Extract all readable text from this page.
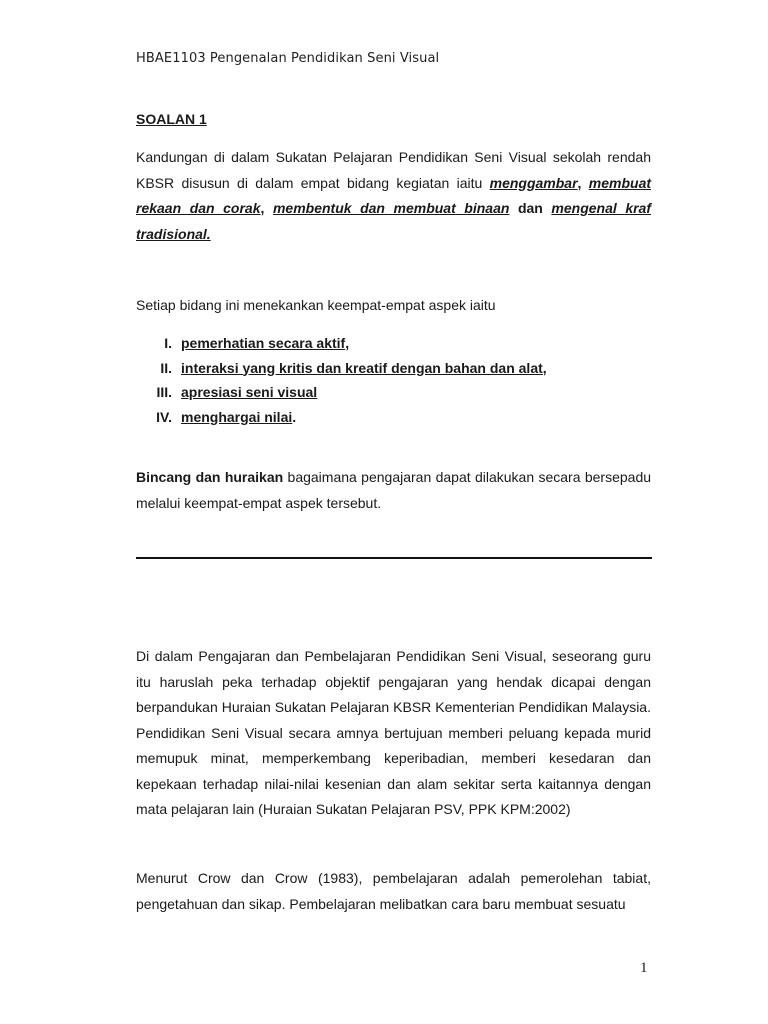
HBAE1103 Pengenalan Pendidikan Seni Visual
SOALAN 1
Kandungan di dalam Sukatan Pelajaran Pendidikan Seni Visual sekolah rendah KBSR disusun di dalam empat bidang kegiatan iaitu menggambar, membuat rekaan dan corak, membentuk dan membuat binaan dan mengenal kraf tradisional.
Setiap bidang ini menekankan keempat-empat aspek iaitu
I. pemerhatian secara aktif,
II. interaksi yang kritis dan kreatif dengan bahan dan alat,
III. apresiasi seni visual
IV. menghargai nilai.
Bincang dan huraikan bagaimana pengajaran dapat dilakukan secara bersepadu melalui keempat-empat aspek tersebut.
Di dalam Pengajaran dan Pembelajaran Pendidikan Seni Visual, seseorang guru itu haruslah peka terhadap objektif pengajaran yang hendak dicapai dengan berpandukan Huraian Sukatan Pelajaran KBSR Kementerian Pendidikan Malaysia. Pendidikan Seni Visual secara amnya bertujuan memberi peluang kepada murid memupuk minat, memperkembang keperibadian, memberi kesedaran dan kepekaan terhadap nilai-nilai kesenian dan alam sekitar serta kaitannya dengan mata pelajaran lain (Huraian Sukatan Pelajaran PSV, PPK KPM:2002)
Menurut Crow dan Crow (1983), pembelajaran adalah pemerolehan tabiat, pengetahuan dan sikap. Pembelajaran melibatkan cara baru membuat sesuatu
1
